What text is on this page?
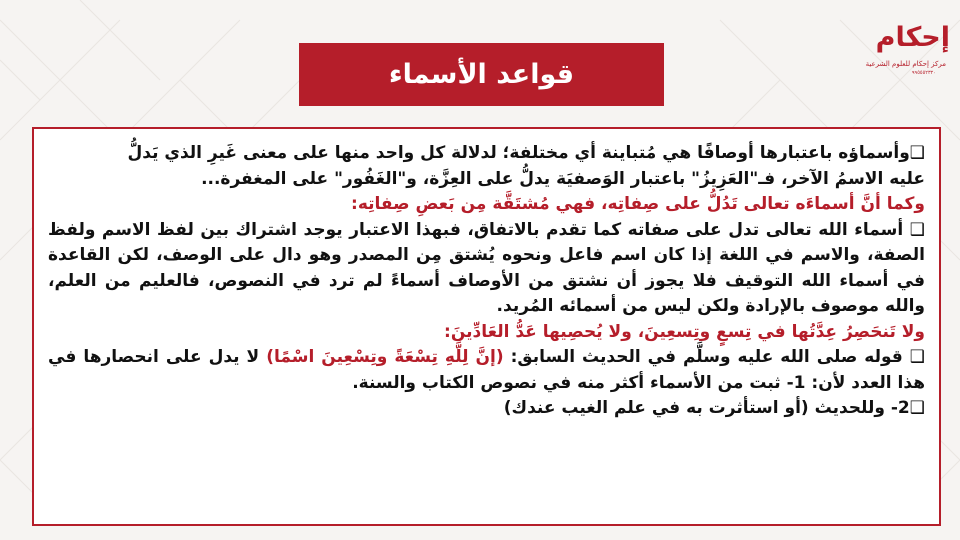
إحكام
مركز إحكام للعلوم الشرعية
٩٩٥٥٥٢٣٢٠
قواعد الأسماء

❑وأسماؤه باعتبارها أوصافًا هي مُتباينة أي مختلفة؛ لدلالة كل واحد منها على معنى غَيرِ الذي يَدلُّ
عليه الاسمُ الآخر، فـ"العَزِيزُ" باعتبار الوَصفيَة يدلُّ على العِزَّة، و"الغَفُور" على المغفرة...

وكما أنَّ أسماءَه تعالى تَدُلُّ على صِفاتِه، فهي مُشتَقَّة مِن بَعضِ صِفاتِه:

❑ أسماء الله تعالى تدل على صفاته كما تقدم بالاتفاق، فبهذا الاعتبار يوجد اشتراك بين لفظ الاسم ولفظ الصفة، والاسم في اللغة إذا كان اسم فاعل ونحوه يُشتق مِن المصدر وهو دال على الوصف، لكن القاعدة في أسماء الله التوقيف فلا يجوز أن نشتق من الأوصاف أسماءً لم ترد في النصوص، فالعليم من العلم، والله موصوف بالإرادة ولكن ليس من أسمائه المُريد.

ولا تَنحَصِرُ عِدَّتُها في تِسعٍ وتِسعِينَ، ولا يُحصِيها عَدُّ العَادِّينَ:

❑ قوله صلى الله عليه وسلَّم في الحديث السابق: (إنَّ لِلَّهِ تِسْعَةً وتِسْعِينَ اسْمًا) لا يدل على انحصارها في هذا العدد لأن: 1- ثبت من الأسماء أكثر منه في نصوص الكتاب والسنة.

❑2- وللحديث (أو استأثرت به في علم الغيب عندك)
